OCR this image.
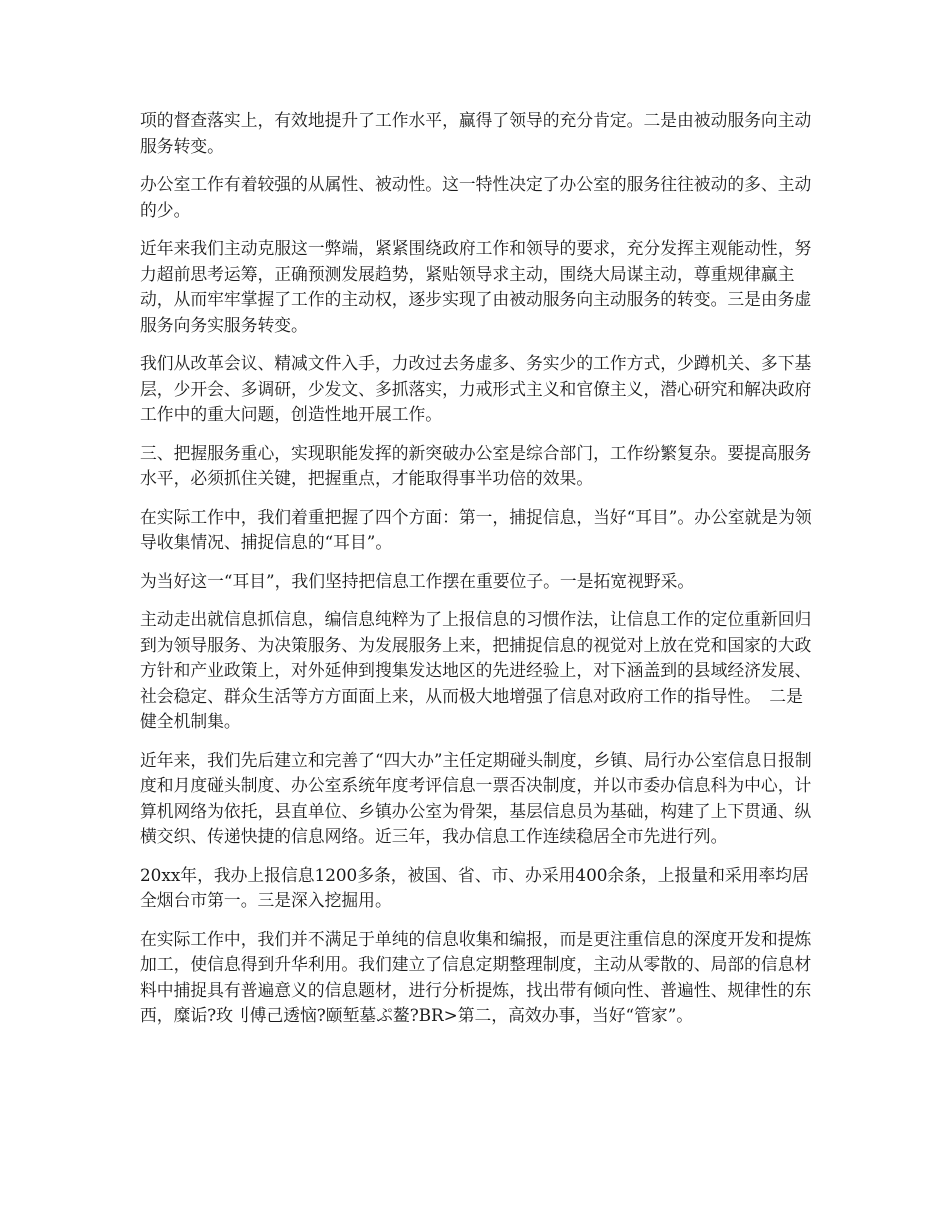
项的督查落实上，有效地提升了工作水平，赢得了领导的充分肯定。二是由被动服务向主动服务转变。

办公室工作有着较强的从属性、被动性。这一特性决定了办公室的服务往往被动的多、主动的少。

近年来我们主动克服这一弊端，紧紧围绕政府工作和领导的要求，充分发挥主观能动性，努力超前思考运筹，正确预测发展趋势，紧贴领导求主动，围绕大局谋主动，尊重规律赢主动，从而牢牢掌握了工作的主动权，逐步实现了由被动服务向主动服务的转变。三是由务虚服务向务实服务转变。

我们从改革会议、精减文件入手，力改过去务虚多、务实少的工作方式，少蹲机关、多下基层，少开会、多调研，少发文、多抓落实，力戒形式主义和官僚主义，潜心研究和解决政府工作中的重大问题，创造性地开展工作。

三、把握服务重心，实现职能发挥的新突破办公室是综合部门，工作纷繁复杂。要提高服务水平，必须抓住关键，把握重点，才能取得事半功倍的效果。

在实际工作中，我们着重把握了四个方面：第一，捕捉信息，当好“耳目”。办公室就是为领导收集情况、捕捉信息的“耳目”。

为当好这一“耳目”，我们坚持把信息工作摆在重要位子。一是拓宽视野采。

主动走出就信息抓信息，编信息纯粹为了上报信息的习惯作法，让信息工作的定位重新回归到为领导服务、为决策服务、为发展服务上来，把捕捉信息的视觉对上放在党和国家的大政方针和产业政策上，对外延伸到搜集发达地区的先进经验上，对下涵盖到的县域经济发展、社会稳定、群众生活等方方面面上来，从而极大地增强了信息对政府工作的指导性。　二是健全机制集。

近年来，我们先后建立和完善了“四大办”主任定期碰头制度，乡镇、局行办公室信息日报制度和月度碰头制度、办公室系统年度考评信息一票否决制度，并以市委办信息科为中心，计算机网络为依托，县直单位、乡镇办公室为骨架，基层信息员为基础，构建了上下贯通、纵横交织、传递快捷的信息网络。近三年，我办信息工作连续稳居全市先进行列。

20xx年，我办上报信息1200多条，被国、省、市、办采用400余条，上报量和采用率均居全烟台市第一。三是深入挖掘用。

在实际工作中，我们并不满足于单纯的信息收集和编报，而是更注重信息的深度开发和提炼加工，使信息得到升华利用。我们建立了信息定期整理制度，主动从零散的、局部的信息材料中捕捉具有普遍意义的信息题材，进行分析提炼，找出带有倾向性、普遍性、规律性的东西，糜诟?玫刂傅己透恼?颐堑墓ぷ鳌?BR>第二，高效办事，当好“管家”。
